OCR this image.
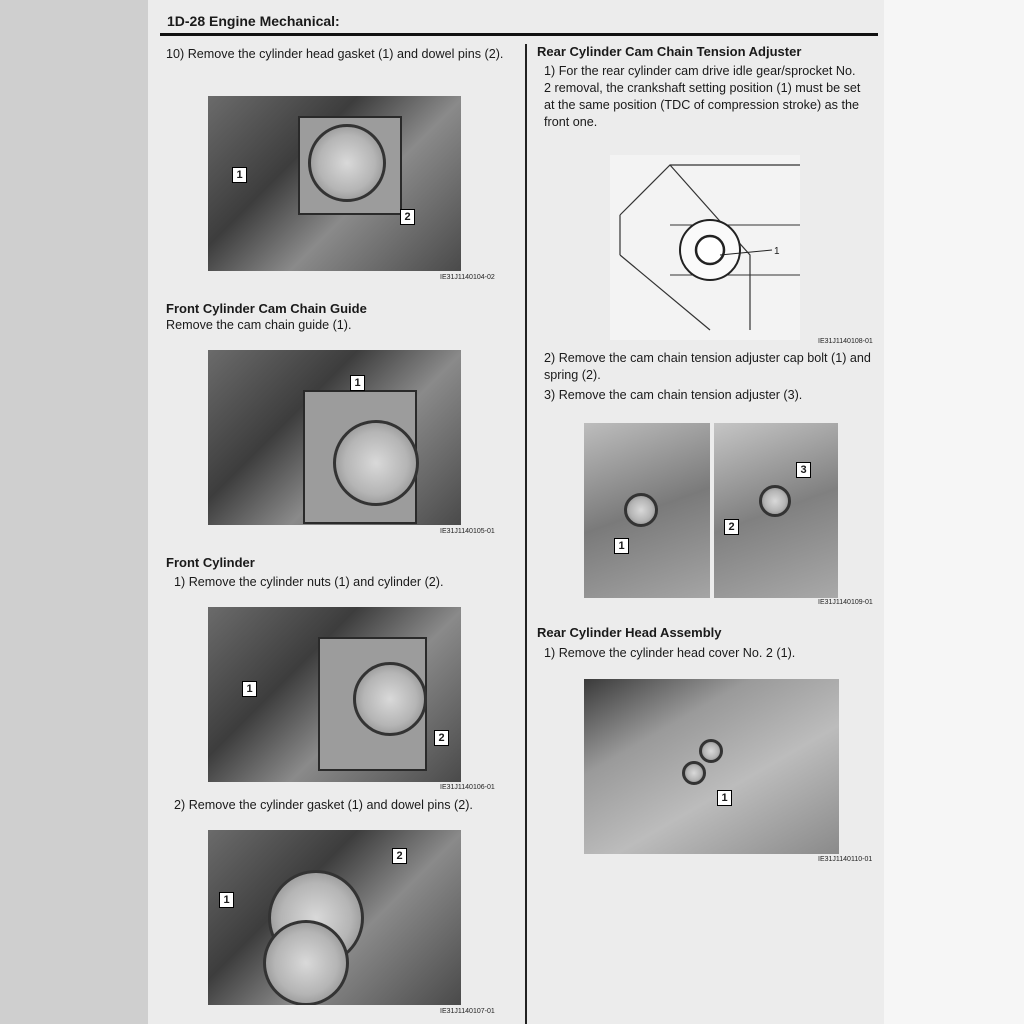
1D-28 Engine Mechanical:
10) Remove the cylinder head gasket (1) and dowel pins (2).
1
2
IE31J1140104-02
Front Cylinder Cam Chain Guide
Remove the cam chain guide (1).
1
IE31J1140105-01
Front Cylinder
1) Remove the cylinder nuts (1) and cylinder (2).
1
2
IE31J1140106-01
2) Remove the cylinder gasket (1) and dowel pins (2).
1
2
IE31J1140107-01
Rear Cylinder Cam Chain Tension Adjuster
1) For the rear cylinder cam drive idle gear/sprocket No. 2 removal, the crankshaft setting position (1) must be set at the same position (TDC of compression stroke) as the front one.
1
IE31J1140108-01
2) Remove the cam chain tension adjuster cap bolt (1) and spring (2).
3) Remove the cam chain tension adjuster (3).
1
2
3
IE31J1140109-01
Rear Cylinder Head Assembly
1) Remove the cylinder head cover No. 2 (1).
1
IE31J1140110-01
